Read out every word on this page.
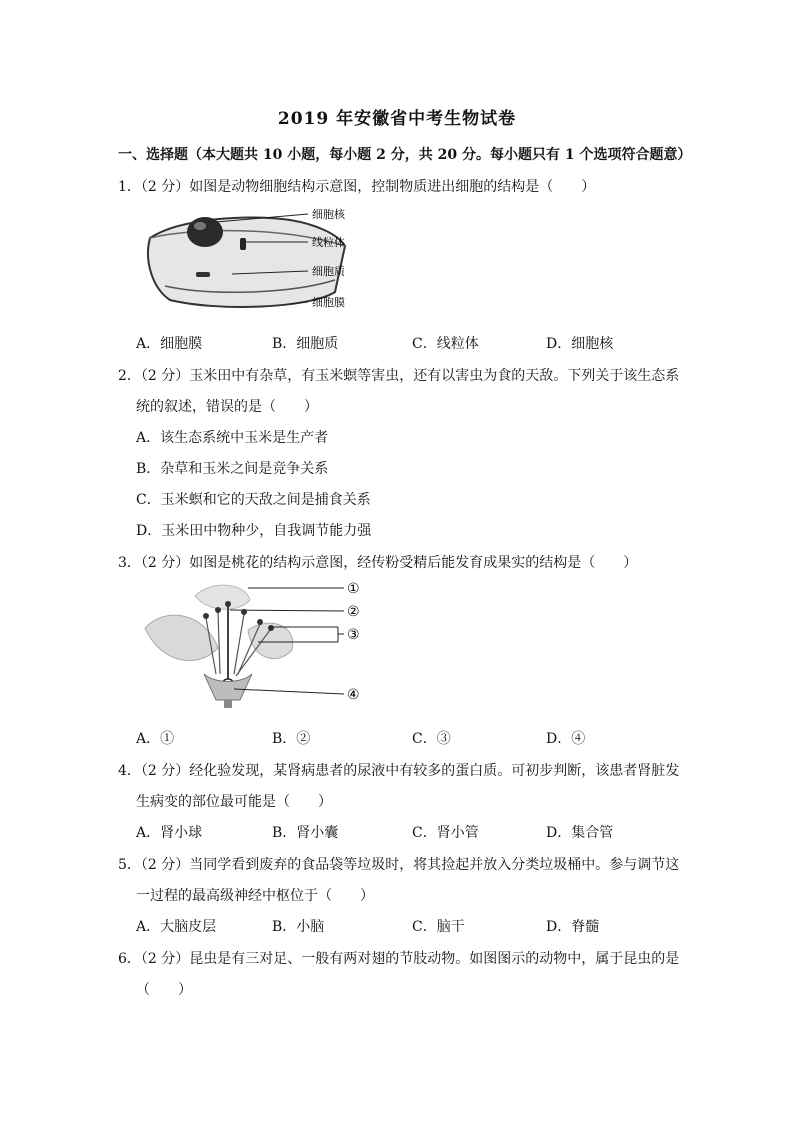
2019 年安徽省中考生物试卷
一、选择题（本大题共 10 小题，每小题 2 分，共 20 分。每小题只有 1 个选项符合题意）
1．（2 分）如图是动物细胞结构示意图，控制物质进出细胞的结构是（　　）
细胞核
线粒体
细胞质
细胞膜
A．细胞膜	B．细胞质	C．线粒体	D．细胞核
2．（2 分）玉米田中有杂草，有玉米螟等害虫，还有以害虫为食的天敌。下列关于该生态系
统的叙述，错误的是（　　）
A．该生态系统中玉米是生产者
B．杂草和玉米之间是竞争关系
C．玉米螟和它的天敌之间是捕食关系
D．玉米田中物种少，自我调节能力强
3．（2 分）如图是桃花的结构示意图，经传粉受精后能发育成果实的结构是（　　）
①
②
③
④
A．①	B．②	C．③	D．④
4．（2 分）经化验发现，某肾病患者的尿液中有较多的蛋白质。可初步判断，该患者肾脏发
生病变的部位最可能是（　　）
A．肾小球	B．肾小囊	C．肾小管	D．集合管
5．（2 分）当同学看到废弃的食品袋等垃圾时，将其捡起并放入分类垃圾桶中。参与调节这
一过程的最高级神经中枢位于（　　）
A．大脑皮层	B．小脑	C．脑干	D．脊髓
6．（2 分）昆虫是有三对足、一般有两对翅的节肢动物。如图图示的动物中，属于昆虫的是
（　　）
